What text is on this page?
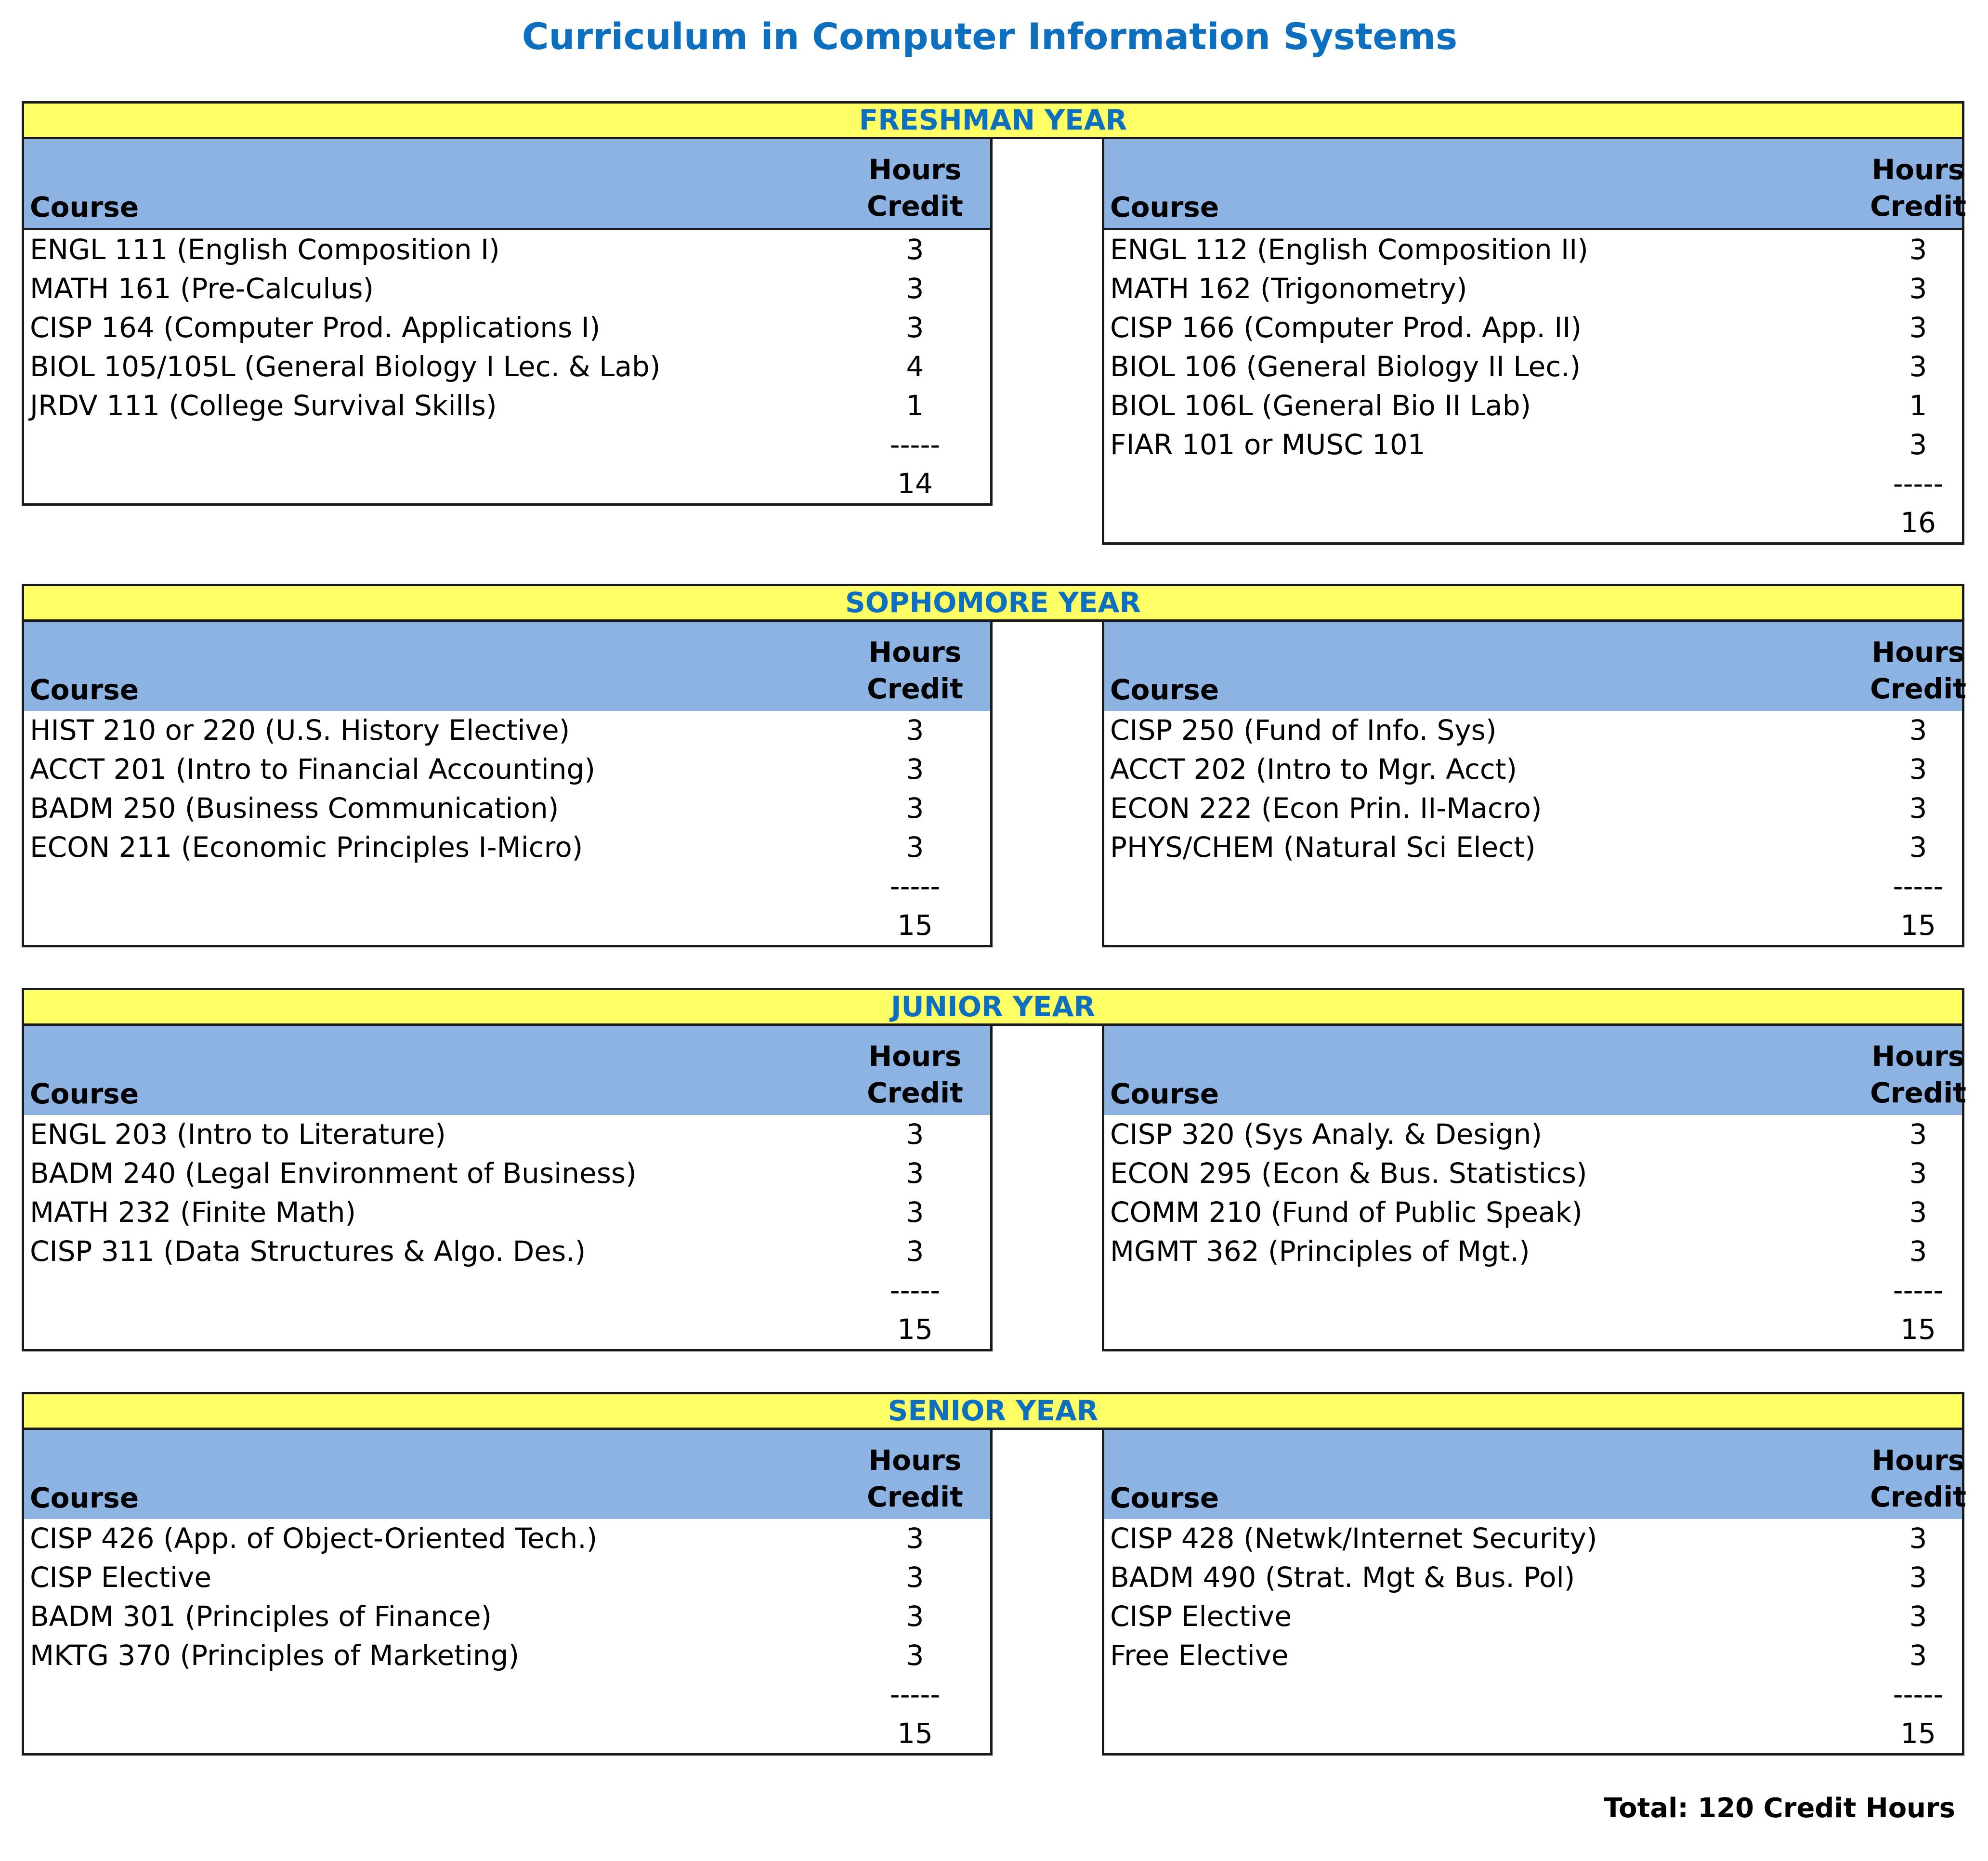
Curriculum in Computer Information Systems
FRESHMAN YEAR
Course
Hours
Credit
ENGL 111 (English Composition I)	3
MATH 161 (Pre-Calculus)	3
CISP 164 (Computer Prod. Applications I)	3
BIOL 105/105L (General Biology I Lec. & Lab)	4
JRDV 111 (College Survival Skills)	1
-----
14
Course
Hours
Credit
ENGL 112 (English Composition II)	3
MATH 162 (Trigonometry)	3
CISP 166 (Computer Prod. App. II)	3
BIOL 106 (General Biology II Lec.)	3
BIOL 106L (General Bio II Lab)	1
FIAR 101 or MUSC 101	3
-----
16
SOPHOMORE YEAR
Course
Hours
Credit
HIST 210 or 220 (U.S. History Elective)	3
ACCT 201 (Intro to Financial Accounting)	3
BADM 250 (Business Communication)	3
ECON 211 (Economic Principles I-Micro)	3
-----
15
Course
Hours
Credit
CISP 250 (Fund of Info. Sys)	3
ACCT 202 (Intro to Mgr. Acct)	3
ECON 222 (Econ Prin. II-Macro)	3
PHYS/CHEM (Natural Sci Elect)	3
-----
15
JUNIOR YEAR
Course
Hours
Credit
ENGL 203 (Intro to Literature)	3
BADM 240 (Legal Environment of Business)	3
MATH 232 (Finite Math)	3
CISP 311 (Data Structures & Algo. Des.)	3
-----
15
Course
Hours
Credit
CISP 320 (Sys Analy. & Design)	3
ECON 295 (Econ & Bus. Statistics)	3
COMM 210 (Fund of Public Speak)	3
MGMT 362 (Principles of Mgt.)	3
-----
15
SENIOR YEAR
Course
Hours
Credit
CISP 426 (App. of Object-Oriented Tech.)	3
CISP Elective	3
BADM 301 (Principles of Finance)	3
MKTG 370 (Principles of Marketing)	3
-----
15
Course
Hours
Credit
CISP 428 (Netwk/Internet Security)	3
BADM 490 (Strat. Mgt & Bus. Pol)	3
CISP Elective	3
Free Elective	3
-----
15
Total: 120 Credit Hours
